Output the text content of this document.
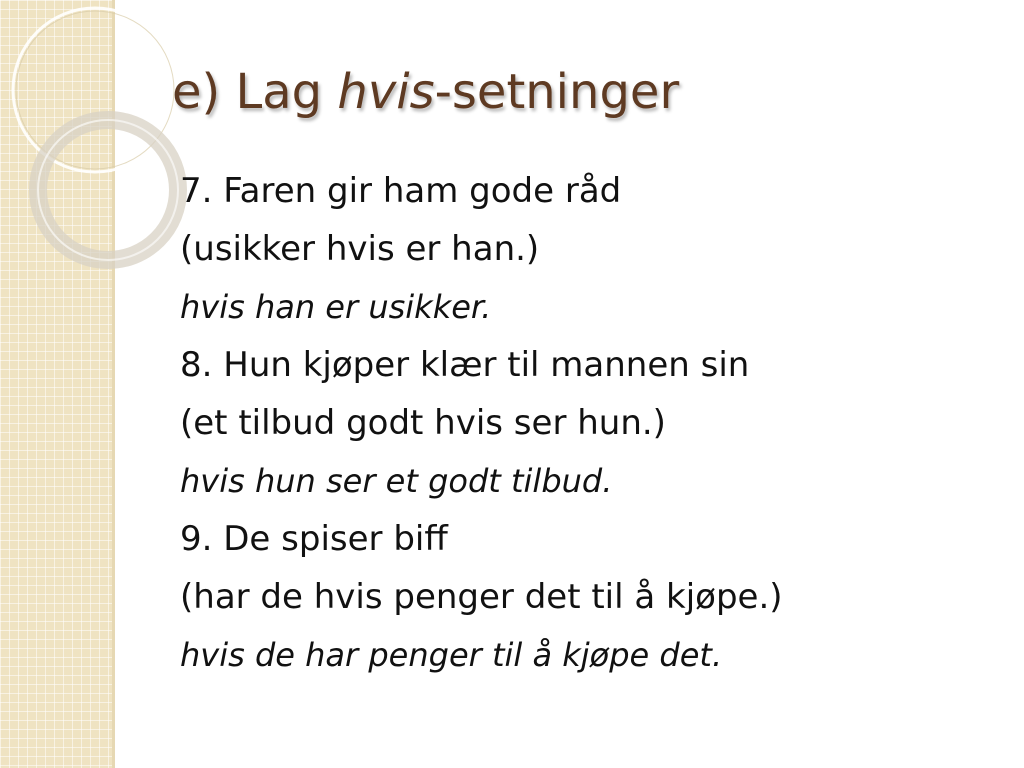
e) Lag hvis-setninger
7. Faren gir ham gode råd
(usikker hvis er han.)
hvis han er usikker.
8. Hun kjøper klær til mannen sin
(et tilbud godt hvis ser hun.)
hvis hun ser et godt tilbud.
9. De spiser biff
(har de hvis penger det til å kjøpe.)
hvis de har penger til å kjøpe det.
